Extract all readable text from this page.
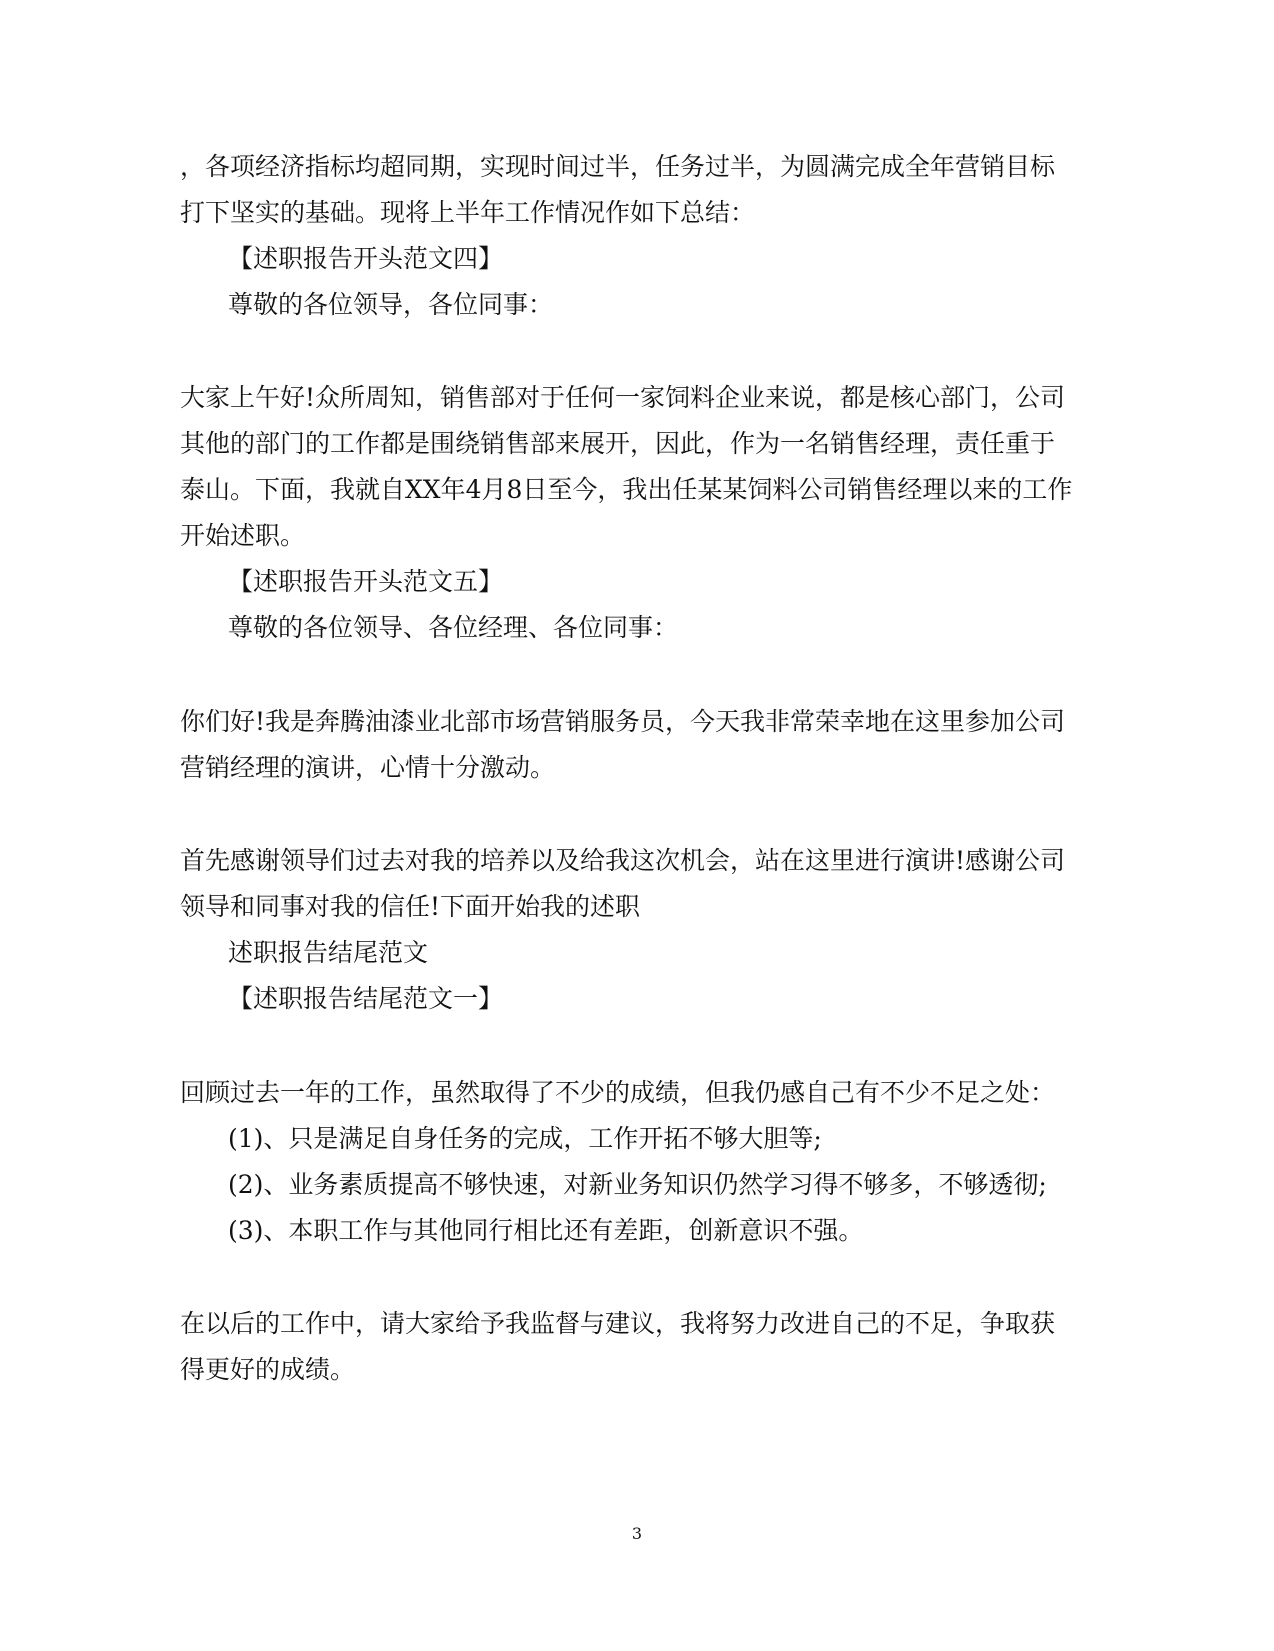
，各项经济指标均超同期，实现时间过半，任务过半，为圆满完成全年营销目标
打下坚实的基础。现将上半年工作情况作如下总结：
【述职报告开头范文四】
尊敬的各位领导，各位同事：
大家上午好!众所周知，销售部对于任何一家饲料企业来说，都是核心部门，公司
其他的部门的工作都是围绕销售部来展开，因此，作为一名销售经理，责任重于
泰山。下面，我就自XX年4月8日至今，我出任某某饲料公司销售经理以来的工作
开始述职。
【述职报告开头范文五】
尊敬的各位领导、各位经理、各位同事：
你们好!我是奔腾油漆业北部市场营销服务员，今天我非常荣幸地在这里参加公司
营销经理的演讲，心情十分激动。
首先感谢领导们过去对我的培养以及给我这次机会，站在这里进行演讲!感谢公司
领导和同事对我的信任!下面开始我的述职
述职报告结尾范文
【述职报告结尾范文一】
回顾过去一年的工作，虽然取得了不少的成绩，但我仍感自己有不少不足之处：
(1)、只是满足自身任务的完成，工作开拓不够大胆等;
(2)、业务素质提高不够快速，对新业务知识仍然学习得不够多，不够透彻;
(3)、本职工作与其他同行相比还有差距，创新意识不强。
在以后的工作中，请大家给予我监督与建议，我将努力改进自己的不足，争取获
得更好的成绩。
3
